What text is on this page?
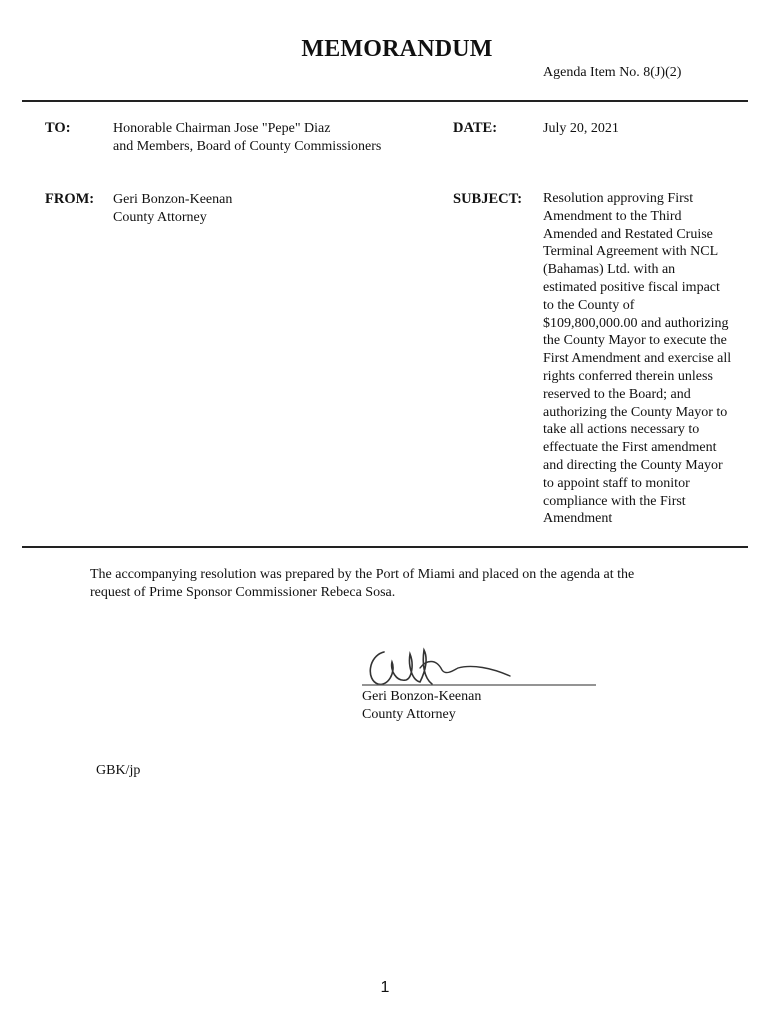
MEMORANDUM
Agenda Item No. 8(J)(2)
TO:	Honorable Chairman Jose "Pepe" Diaz
and Members, Board of County Commissioners
DATE:	July 20, 2021
FROM: Geri Bonzon-Keenan
County Attorney
SUBJECT: Resolution approving First
Amendment to the Third
Amended and Restated Cruise
Terminal Agreement with NCL
(Bahamas) Ltd. with an
estimated positive fiscal impact
to the County of
$109,800,000.00 and authorizing
the County Mayor to execute the
First Amendment and exercise all
rights conferred therein unless
reserved to the Board; and
authorizing the County Mayor to
take all actions necessary to
effectuate the First amendment
and directing the County Mayor
to appoint staff to monitor
compliance with the First
Amendment
The accompanying resolution was prepared by the Port of Miami and placed on the agenda at the
request of Prime Sponsor Commissioner Rebeca Sosa.
Geri Bonzon-Keenan
County Attorney
GBK/jp
1
